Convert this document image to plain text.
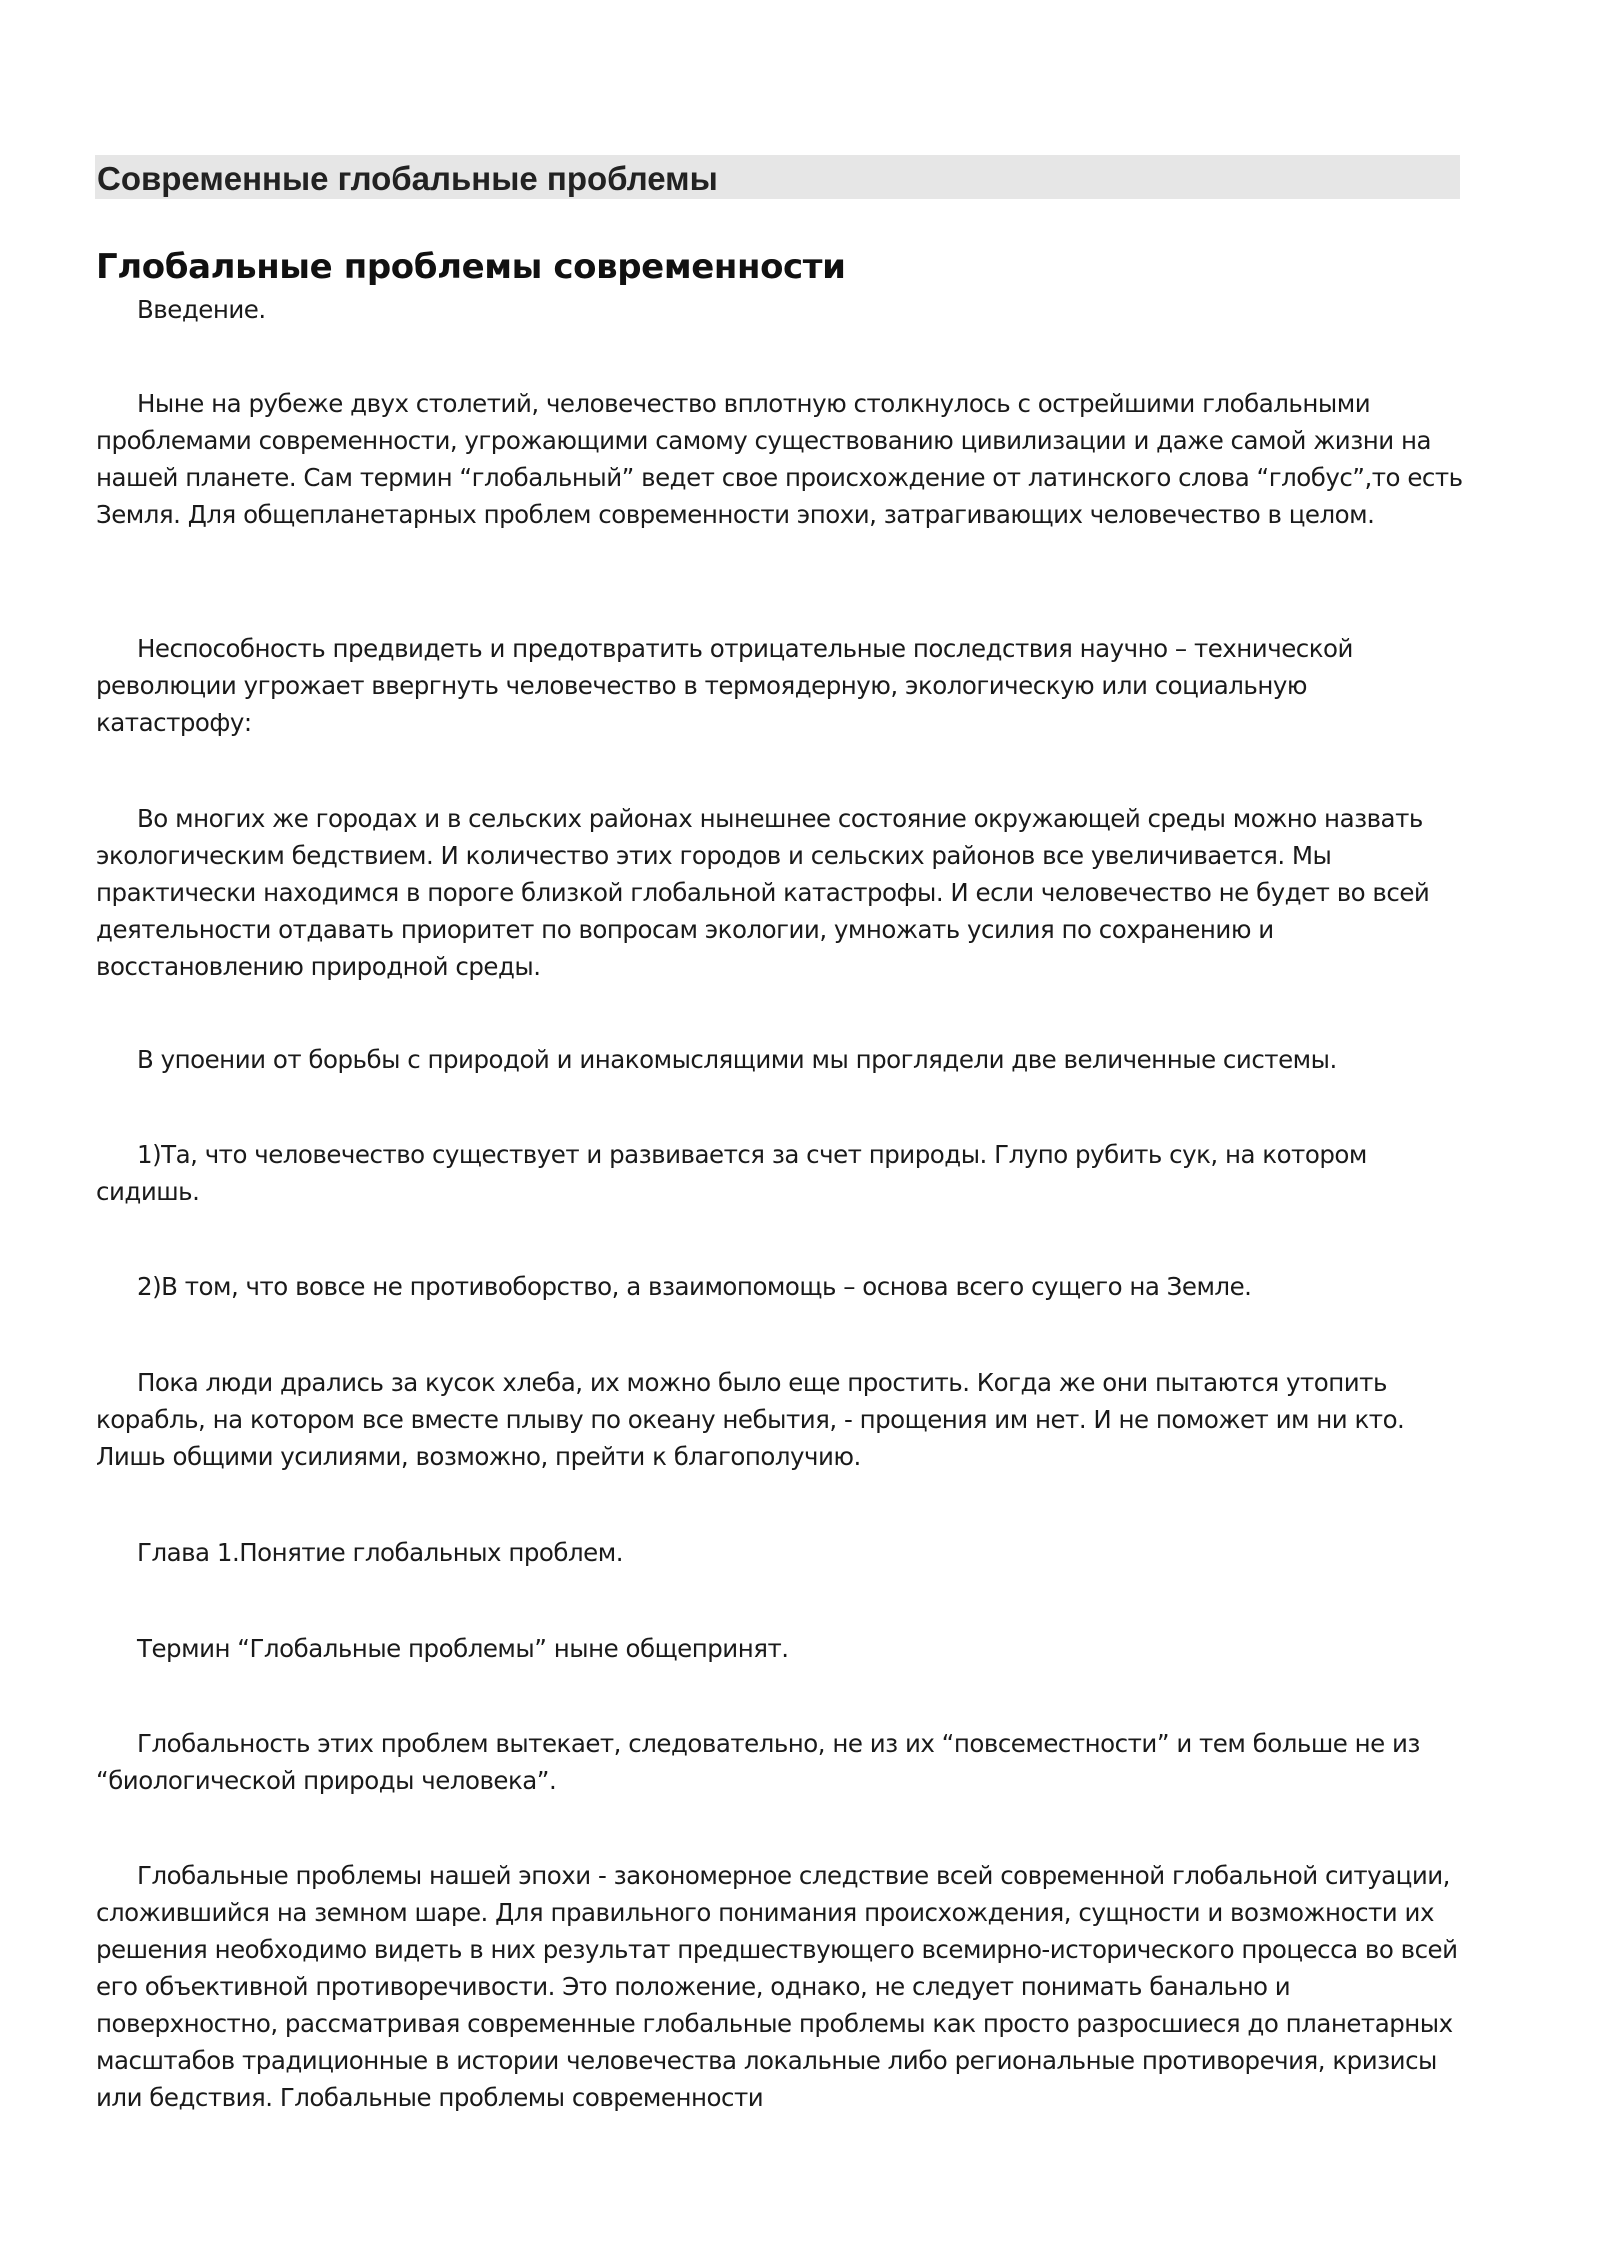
Современные глобальные проблемы
Глобальные проблемы современности

Введение.

Ныне на рубеже двух столетий, человечество вплотную столкнулось с острейшими глобальными проблемами современности, угрожающими самому существованию цивилизации и даже самой жизни на нашей планете. Сам термин “глобальный” ведет свое происхождение от латинского слова “глобус”,то есть Земля. Для общепланетарных проблем современности эпохи, затрагивающих человечество в целом.

Неспособность предвидеть и предотвратить отрицательные последствия научно – технической революции угрожает ввергнуть человечество в термоядерную, экологическую или социальную катастрофу:

Во многих же городах и в сельских районах нынешнее состояние окружающей среды можно назвать экологическим бедствием. И количество этих городов и сельских районов все увеличивается. Мы практически находимся в пороге близкой глобальной катастрофы. И если человечество не будет во всей деятельности отдавать приоритет по вопросам экологии, умножать усилия по сохранению и восстановлению природной среды.

В упоении от борьбы с природой и инакомыслящими мы проглядели две величенные системы.

1)Та, что человечество существует и развивается за счет природы. Глупо рубить сук, на котором сидишь.

2)В том, что вовсе не противоборство, а взаимопомощь – основа всего сущего на Земле.

Пока люди дрались за кусок хлеба, их можно было еще простить. Когда же они пытаются утопить корабль, на котором все вместе плыву по океану небытия, - прощения им нет. И не поможет им ни кто. Лишь общими усилиями, возможно, прейти к благополучию.

Глава 1.Понятие глобальных проблем.

Термин “Глобальные проблемы” ныне общепринят.

Глобальность этих проблем вытекает, следовательно, не из их “повсеместности” и тем больше не из “биологической природы человека”.

Глобальные проблемы нашей эпохи - закономерное следствие всей современной глобальной ситуации, сложившийся на земном шаре. Для правильного понимания происхождения, сущности и возможности их решения необходимо видеть в них результат предшествующего всемирно-исторического процесса во всей его объективной противоречивости. Это положение, однако, не следует понимать банально и поверхностно, рассматривая современные глобальные проблемы как просто разросшиеся до планетарных масштабов традиционные в истории человечества локальные либо региональные противоречия, кризисы или бедствия. Глобальные проблемы современности
